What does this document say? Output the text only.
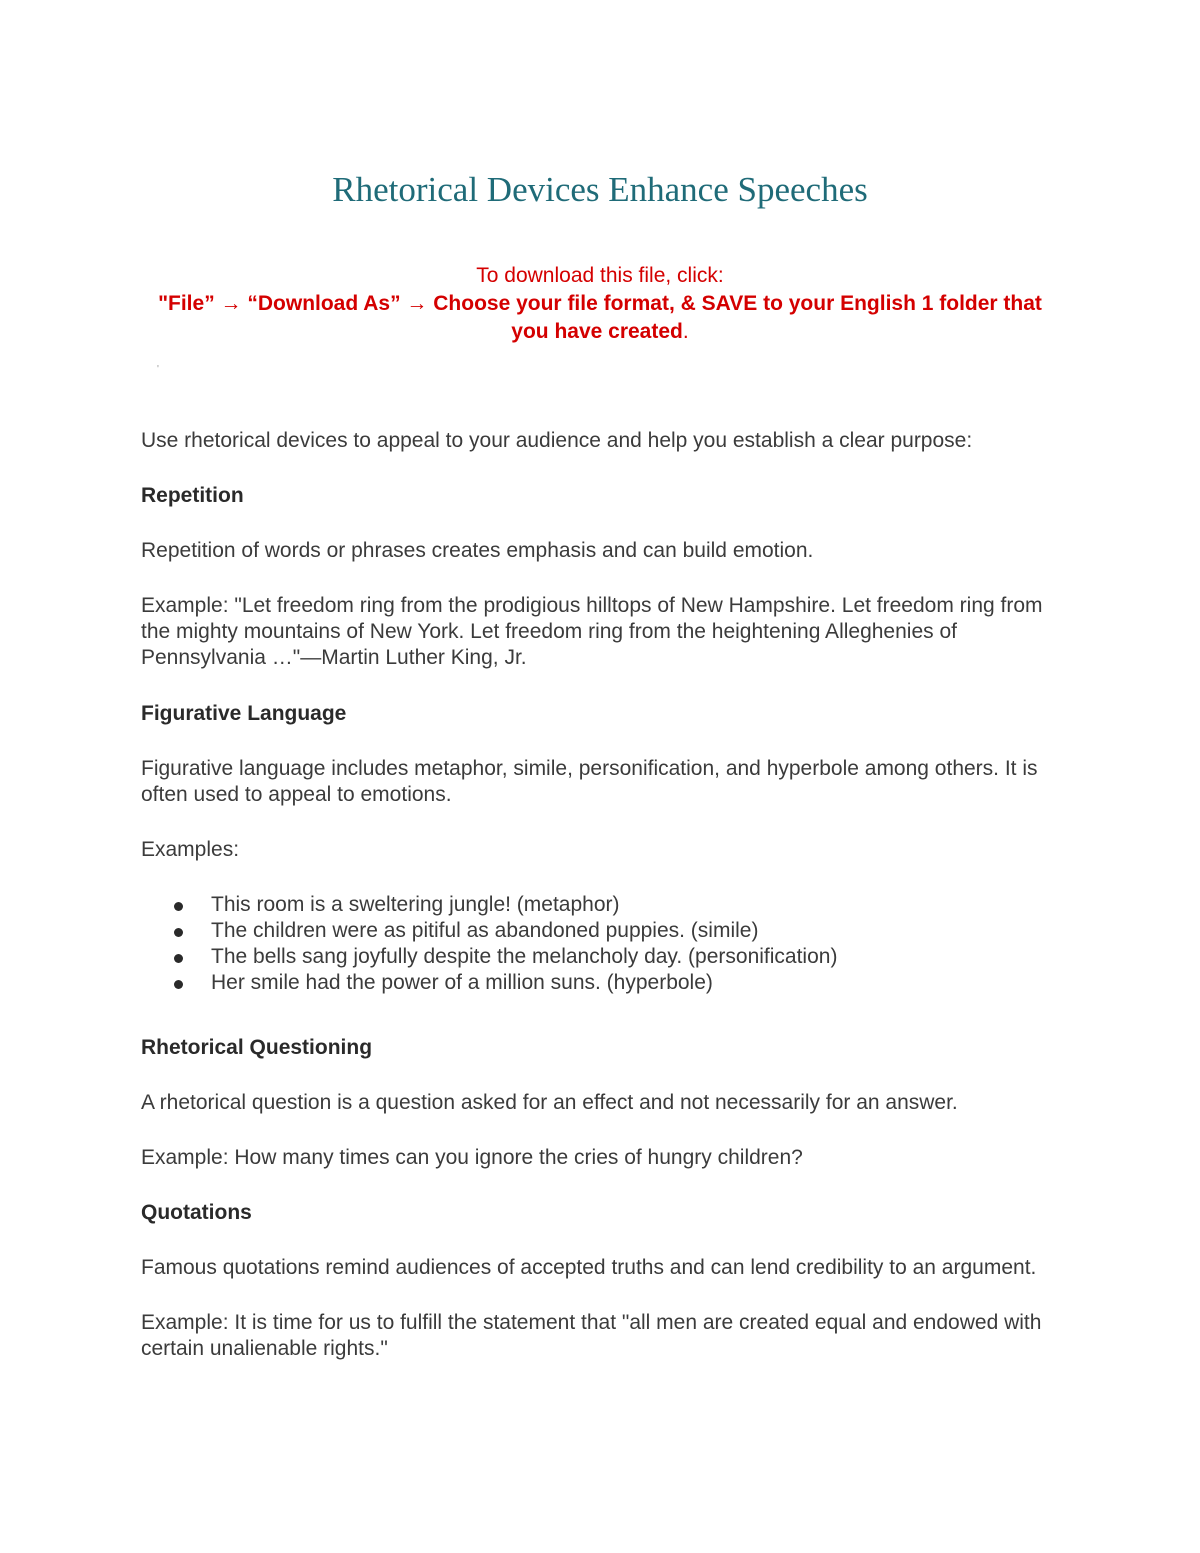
Rhetorical Devices Enhance Speeches
To download this file, click:
"File” → “Download As” → Choose your file format, & SAVE to your English 1 folder that you have created.
'

Use rhetorical devices to appeal to your audience and help you establish a clear purpose:

Repetition

Repetition of words or phrases creates emphasis and can build emotion.

Example: "Let freedom ring from the prodigious hilltops of New Hampshire. Let freedom ring from the mighty mountains of New York. Let freedom ring from the heightening Alleghenies of Pennsylvania …"—Martin Luther King, Jr.

Figurative Language

Figurative language includes metaphor, simile, personification, and hyperbole among others. It is often used to appeal to emotions.

Examples:

This room is a sweltering jungle! (metaphor)
The children were as pitiful as abandoned puppies. (simile)
The bells sang joyfully despite the melancholy day. (personification)
Her smile had the power of a million suns. (hyperbole)

Rhetorical Questioning

A rhetorical question is a question asked for an effect and not necessarily for an answer.

Example: How many times can you ignore the cries of hungry children?

Quotations

Famous quotations remind audiences of accepted truths and can lend credibility to an argument.

Example: It is time for us to fulfill the statement that "all men are created equal and endowed with certain unalienable rights."
